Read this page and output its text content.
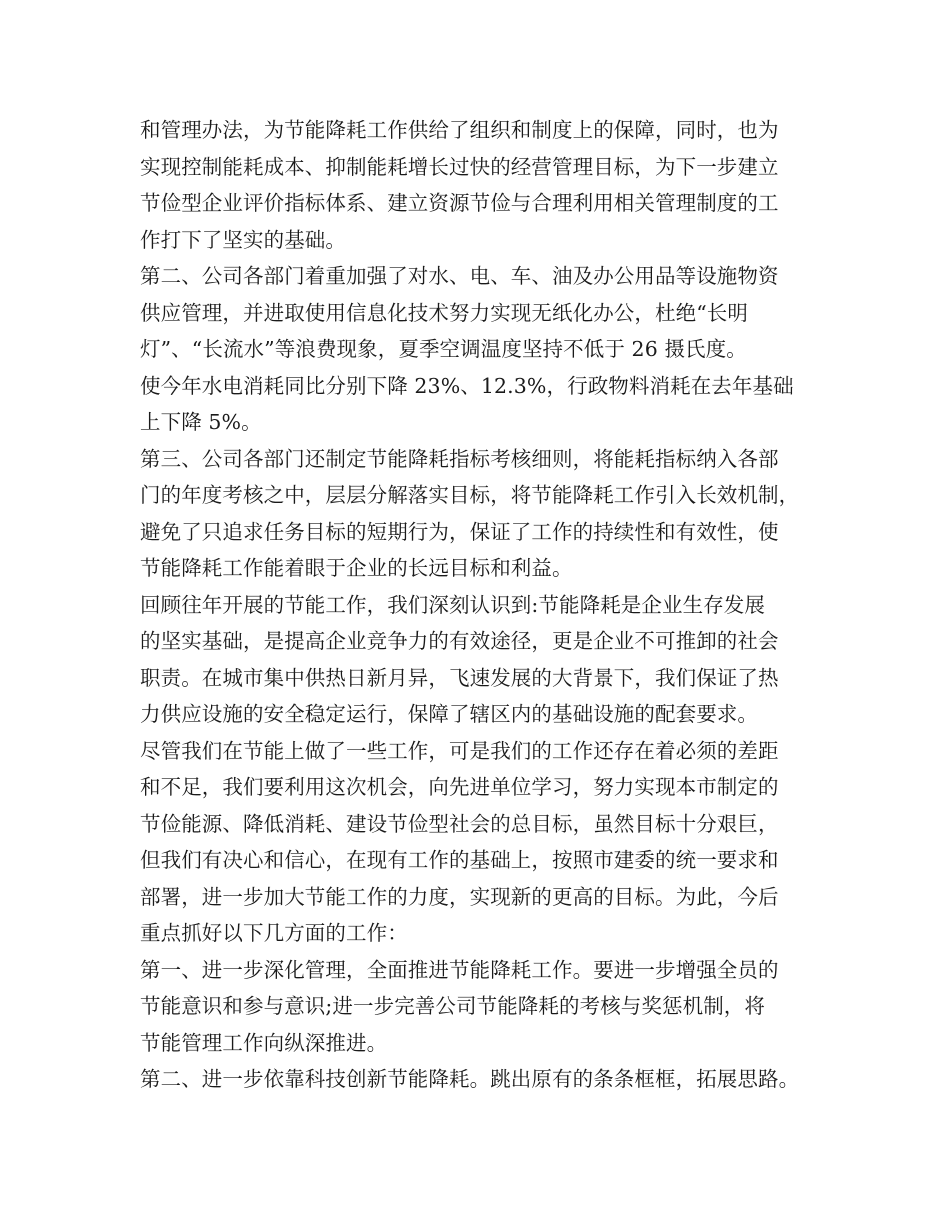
和管理办法，为节能降耗工作供给了组织和制度上的保障，同时，也为
实现控制能耗成本、抑制能耗增长过快的经营管理目标，为下一步建立
节俭型企业评价指标体系、建立资源节俭与合理利用相关管理制度的工
作打下了坚实的基础。
第二、公司各部门着重加强了对水、电、车、油及办公用品等设施物资
供应管理，并进取使用信息化技术努力实现无纸化办公，杜绝“长明
灯”、“长流水”等浪费现象，夏季空调温度坚持不低于 26 摄氏度。
使今年水电消耗同比分别下降 23%、12.3%，行政物料消耗在去年基础
上下降 5%。
第三、公司各部门还制定节能降耗指标考核细则，将能耗指标纳入各部
门的年度考核之中，层层分解落实目标，将节能降耗工作引入长效机制，
避免了只追求任务目标的短期行为，保证了工作的持续性和有效性，使
节能降耗工作能着眼于企业的长远目标和利益。
回顾往年开展的节能工作，我们深刻认识到:节能降耗是企业生存发展
的坚实基础，是提高企业竞争力的有效途径，更是企业不可推卸的社会
职责。在城市集中供热日新月异，飞速发展的大背景下，我们保证了热
力供应设施的安全稳定运行，保障了辖区内的基础设施的配套要求。
尽管我们在节能上做了一些工作，可是我们的工作还存在着必须的差距
和不足，我们要利用这次机会，向先进单位学习，努力实现本市制定的
节俭能源、降低消耗、建设节俭型社会的总目标，虽然目标十分艰巨，
但我们有决心和信心，在现有工作的基础上，按照市建委的统一要求和
部署，进一步加大节能工作的力度，实现新的更高的目标。为此，今后
重点抓好以下几方面的工作：
第一、进一步深化管理，全面推进节能降耗工作。要进一步增强全员的
节能意识和参与意识;进一步完善公司节能降耗的考核与奖惩机制，将
节能管理工作向纵深推进。
第二、进一步依靠科技创新节能降耗。跳出原有的条条框框，拓展思路。
